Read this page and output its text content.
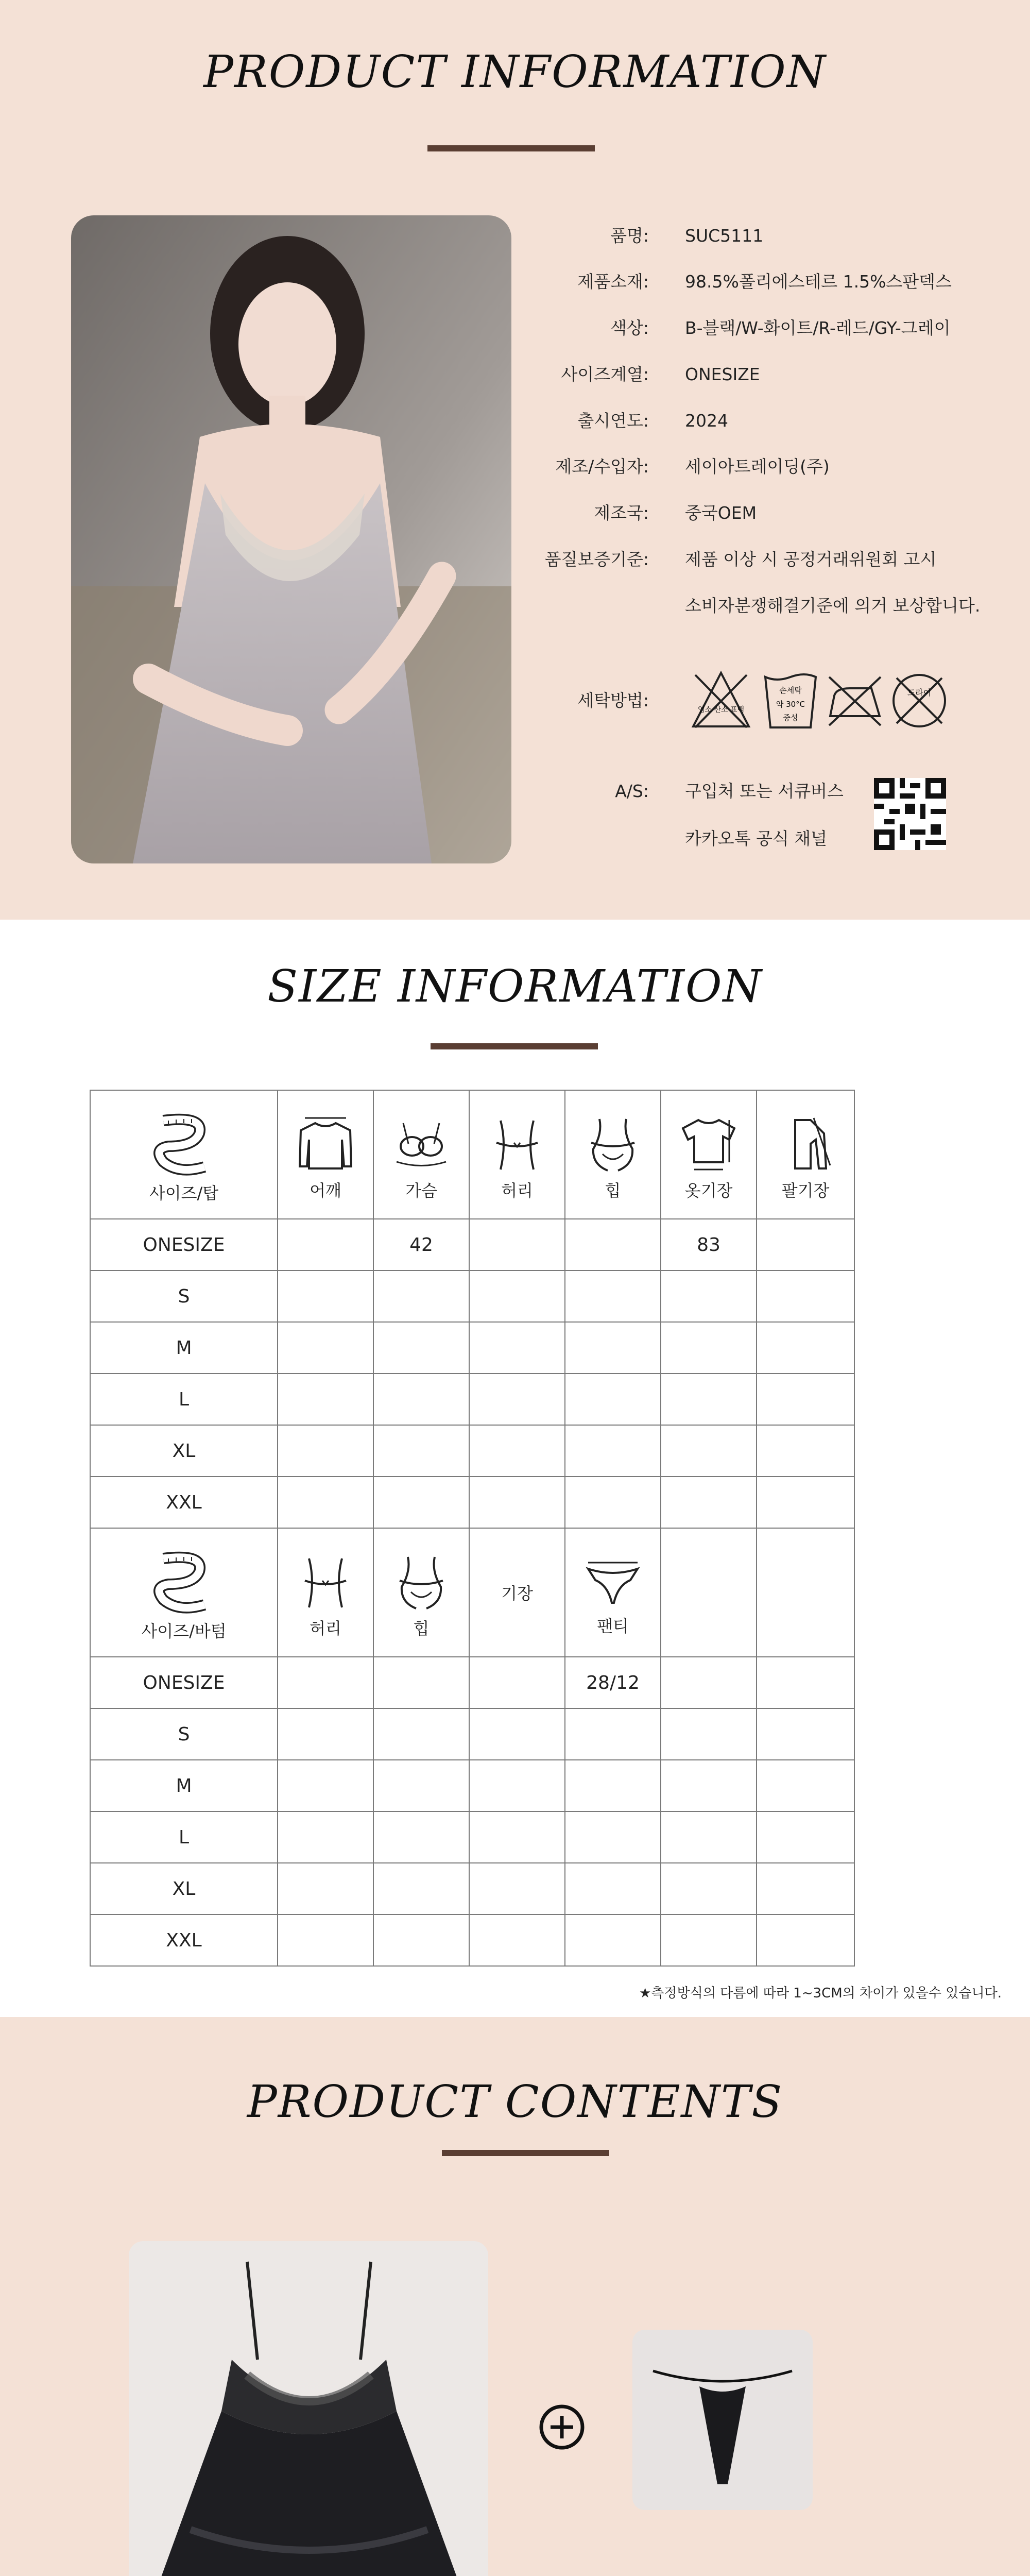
PRODUCT INFORMATION
품명: SUC5111
제품소재: 98.5%폴리에스테르 1.5%스판덱스
색상: B-블랙/W-화이트/R-레드/GY-그레이
사이즈계열: ONESIZE
출시연도: 2024
제조/수입자: 세이아트레이딩(주)
제조국: 중국OEM
품질보증기준: 제품 이상 시 공정거래위원회 고시
소비자분쟁해결기준에 의거 보상합니다.
세탁방법:	염소 산소 표백
손세탁
약 30°C
중성
드라이
A/S: 구입처 또는 서큐버스
카카오톡 공식 채널
SIZE INFORMATION
사이즈/탑	어깨	가슴	허리	힙	옷기장	팔기장

ONESIZE		42			83	
S						
M						
L						
XL						
XXL						

사이즈/바텀	허리	힙	기장	팬티		

ONESIZE				28/12		
S						
M						
L						
XL						
XXL						
★측정방식의 다름에 따라 1~3CM의 차이가 있을수 있습니다.
PRODUCT CONTENTS
